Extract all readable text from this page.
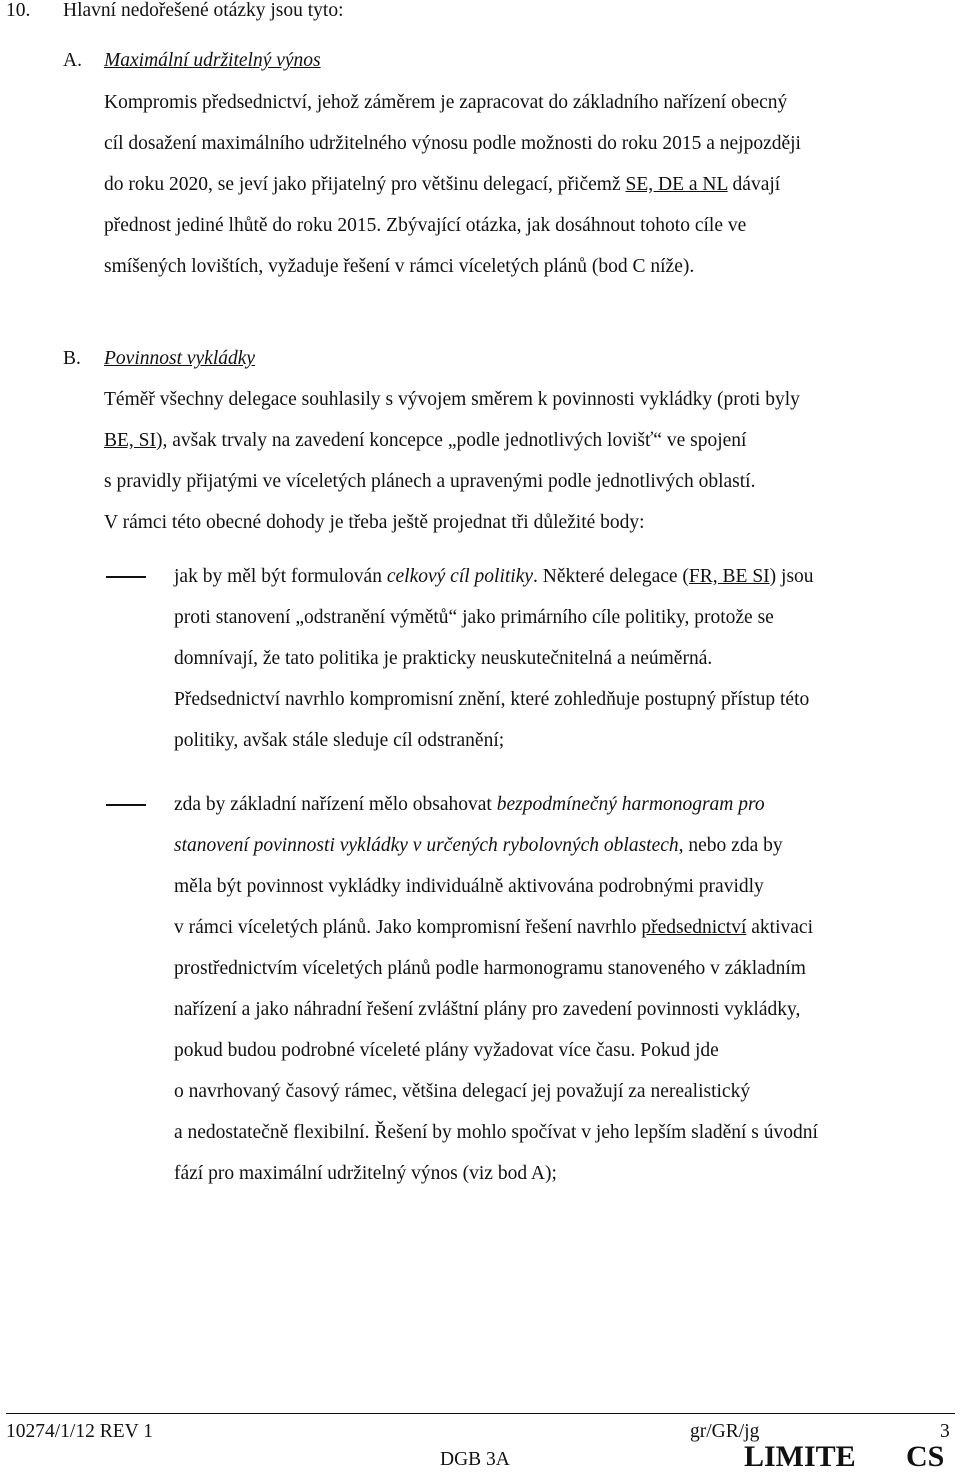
10. Hlavní nedořešené otázky jsou tyto:
A. Maximální udržitelný výnos
Kompromis předsednictví, jehož záměrem je zapracovat do základního nařízení obecný
cíl dosažení maximálního udržitelného výnosu podle možnosti do roku 2015 a nejpozději
do roku 2020, se jeví jako přijatelný pro většinu delegací, přičemž SE, DE a NL dávají
přednost jediné lhůtě do roku 2015. Zbývající otázka, jak dosáhnout tohoto cíle ve
smíšených lovištích, vyžaduje řešení v rámci víceletých plánů (bod C níže).
B. Povinnost vykládky
Téměř všechny delegace souhlasily s vývojem směrem k povinnosti vykládky (proti byly
BE, SI), avšak trvaly na zavedení koncepce „podle jednotlivých lovišť“ ve spojení
s pravidly přijatými ve víceletých plánech a upravenými podle jednotlivých oblastí.
V rámci této obecné dohody je třeba ještě projednat tři důležité body:
jak by měl být formulován celkový cíl politiky. Některé delegace (FR, BE SI) jsou
proti stanovení „odstranění výmětů“ jako primárního cíle politiky, protože se
domnívají, že tato politika je prakticky neuskutečnitelná a neúměrná.
Předsednictví navrhlo kompromisní znění, které zohledňuje postupný přístup této
politiky, avšak stále sleduje cíl odstranění;
zda by základní nařízení mělo obsahovat bezpodmínečný harmonogram pro
stanovení povinnosti vykládky v určených rybolovných oblastech, nebo zda by
měla být povinnost vykládky individuálně aktivována podrobnými pravidly
v rámci víceletých plánů. Jako kompromisní řešení navrhlo předsednictví aktivaci
prostřednictvím víceletých plánů podle harmonogramu stanoveného v základním
nařízení a jako náhradní řešení zvláštní plány pro zavedení povinnosti vykládky,
pokud budou podrobné víceleté plány vyžadovat více času. Pokud jde
o navrhovaný časový rámec, většina delegací jej považují za nerealistický
a nedostatečně flexibilní. Řešení by mohlo spočívat v jeho lepším sladění s úvodní
fází pro maximální udržitelný výnos (viz bod A);
10274/1/12 REV 1	gr/GR/jg	3
DGB 3A	LIMITE CS
